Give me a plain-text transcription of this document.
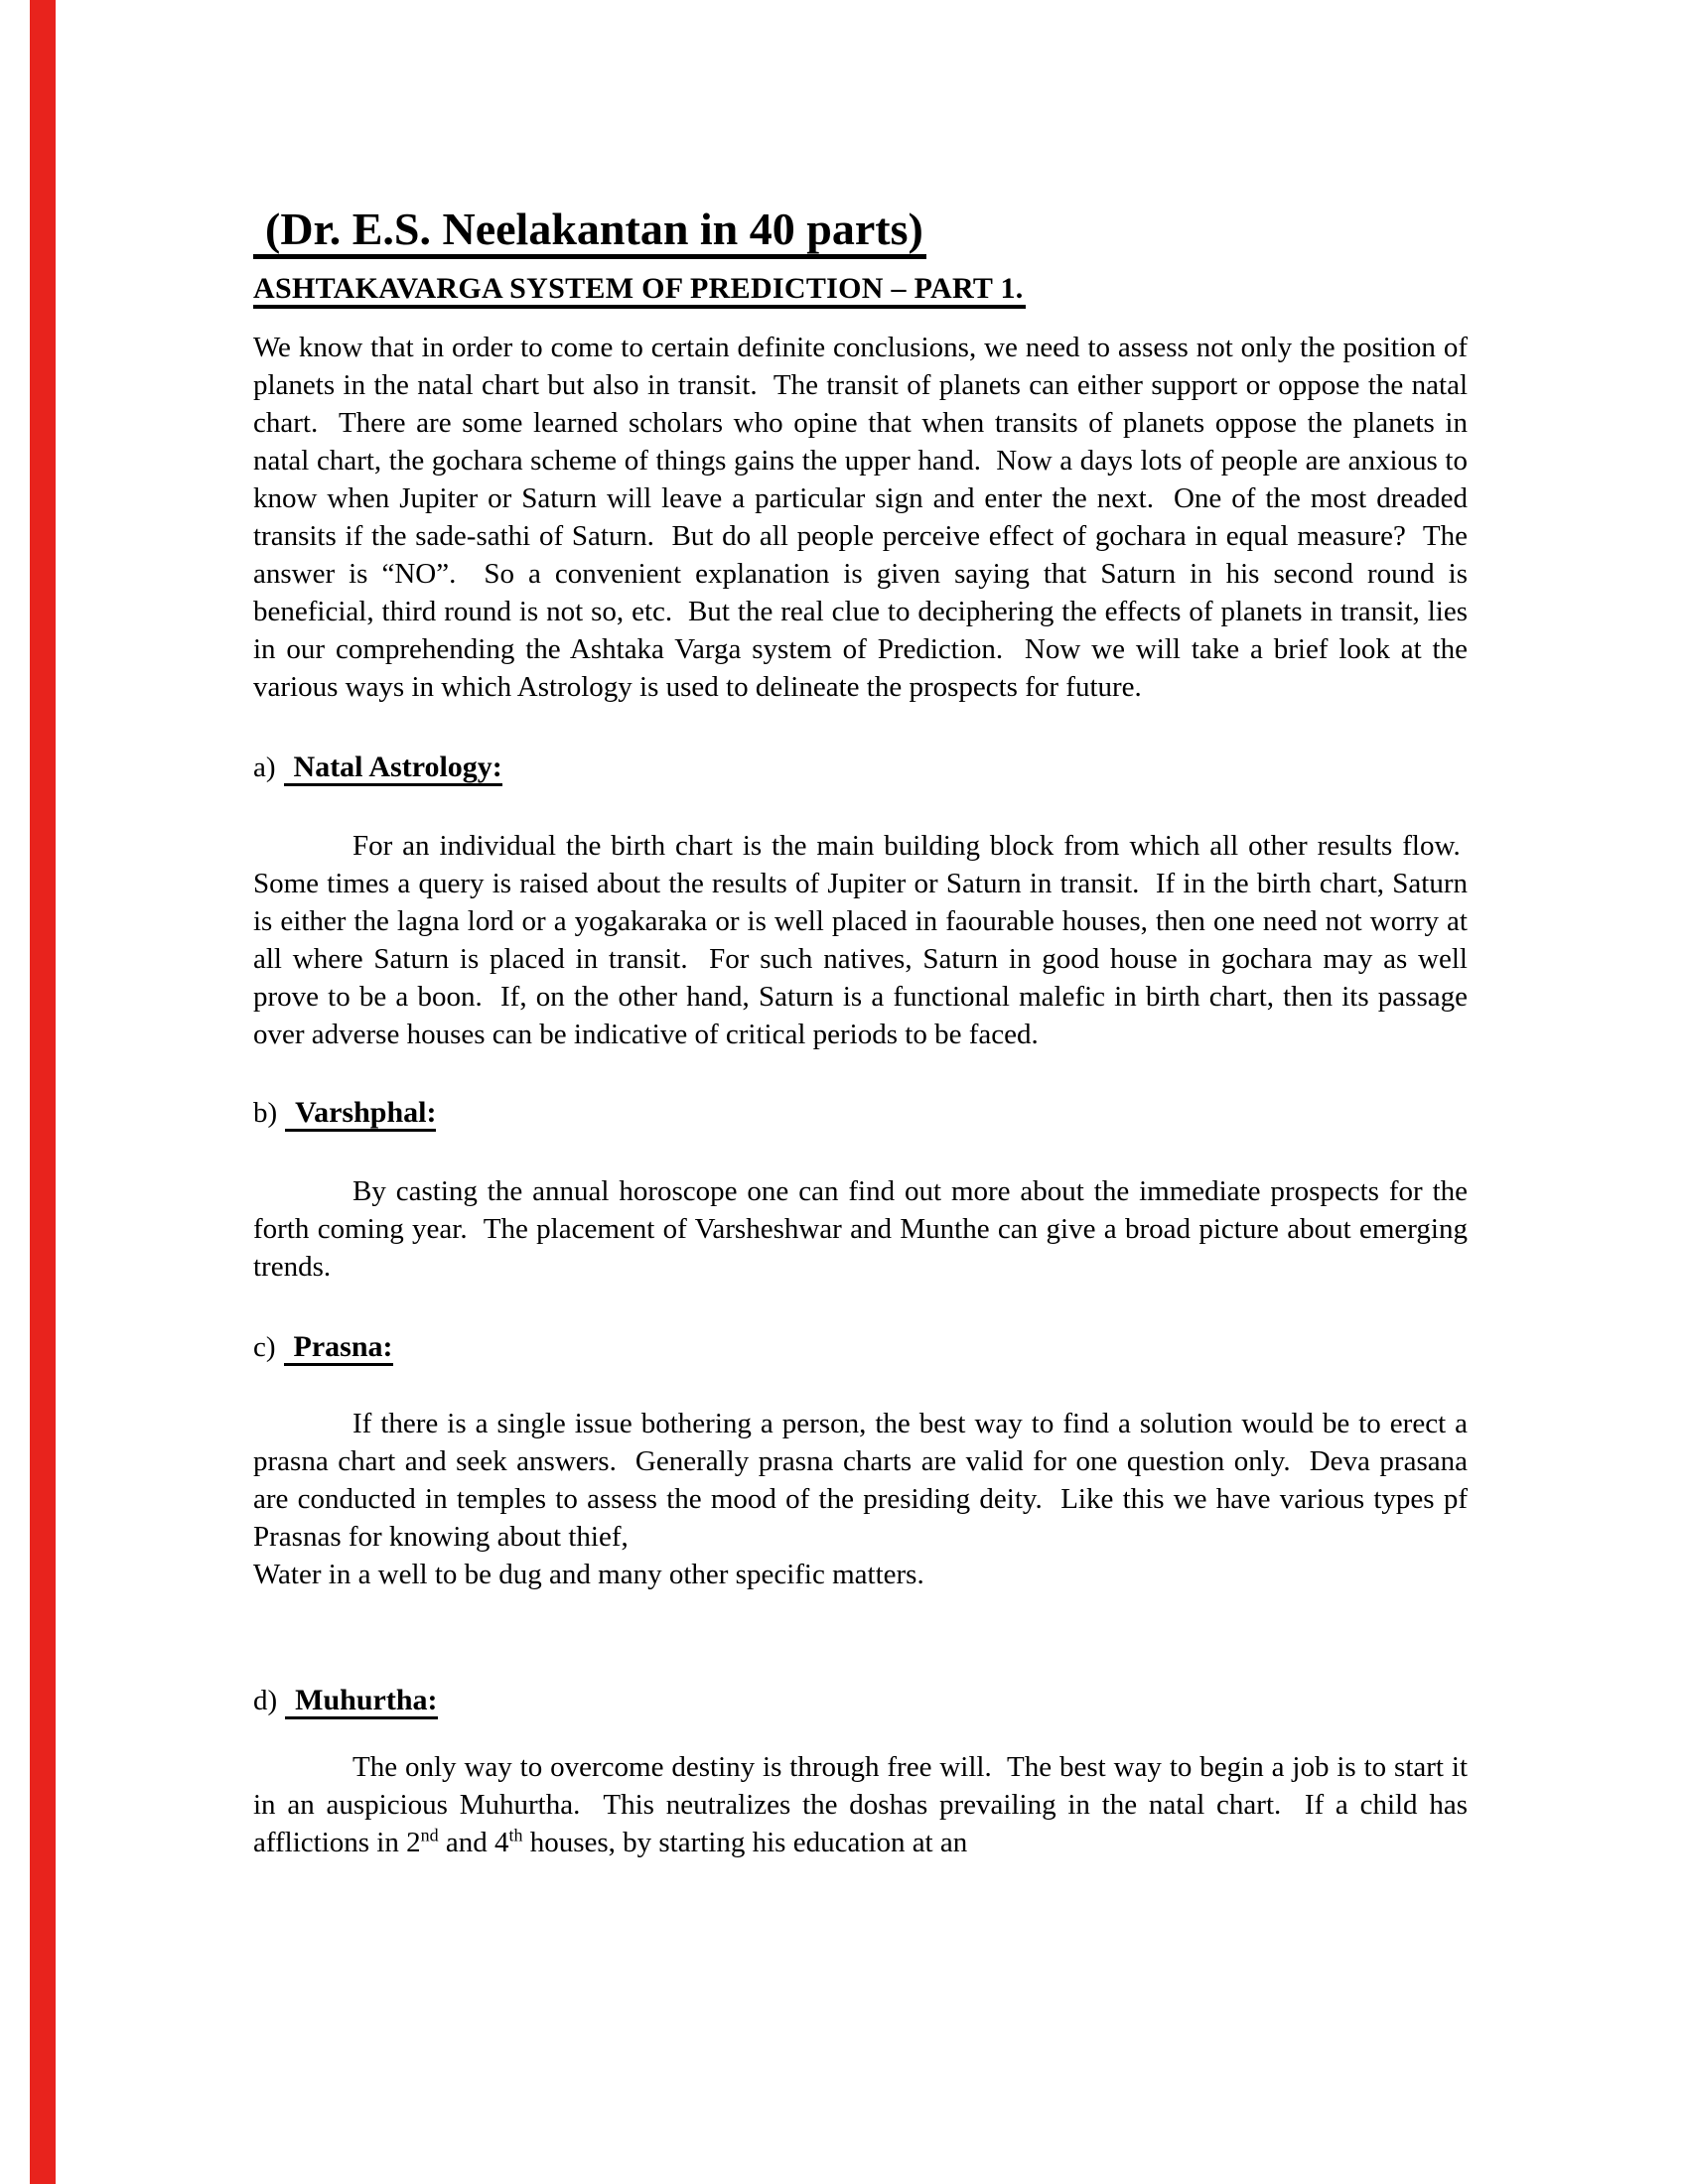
(Dr. E.S. Neelakantan in 40 parts)
ASHTAKAVARGA SYSTEM OF PREDICTION – PART 1.

We know that in order to come to certain definite conclusions, we need to assess not only the position of planets in the natal chart but also in transit.  The transit of planets can either support or oppose the natal chart.  There are some learned scholars who opine that when transits of planets oppose the planets in natal chart, the gochara scheme of things gains the upper hand.  Now a days lots of people are anxious to know when Jupiter or Saturn will leave a particular sign and enter the next.  One of the most dreaded transits if the sade-sathi of Saturn.  But do all people perceive effect of gochara in equal measure?  The answer is “NO”.  So a convenient explanation is given saying that Saturn in his second round is beneficial, third round is not so, etc.  But the real clue to deciphering the effects of planets in transit, lies in our comprehending the Ashtaka Varga system of Prediction.  Now we will take a brief look at the various ways in which Astrology is used to delineate the prospects for future.

a) Natal Astrology:

For an individual the birth chart is the main building block from which all other results flow.  Some times a query is raised about the results of Jupiter or Saturn in transit.  If in the birth chart, Saturn is either the lagna lord or a yogakaraka or is well placed in faourable houses, then one need not worry at all where Saturn is placed in transit.  For such natives, Saturn in good house in gochara may as well prove to be a boon.  If, on the other hand, Saturn is a functional malefic in birth chart, then its passage over adverse houses can be indicative of critical periods to be faced.

b) Varshphal:

By casting the annual horoscope one can find out more about the immediate prospects for the forth coming year.  The placement of Varsheshwar and Munthe can give a broad picture about emerging trends.

c) Prasna:

If there is a single issue bothering a person, the best way to find a solution would be to erect a prasna chart and seek answers.  Generally prasna charts are valid for one question only.  Deva prasana are conducted in temples to assess the mood of the presiding deity.  Like this we have various types pf Prasnas for knowing about thief,

Water in a well to be dug and many other specific matters.

d) Muhurtha:

The only way to overcome destiny is through free will.  The best way to begin a job is to start it in an auspicious Muhurtha.  This neutralizes the doshas prevailing in the natal chart.  If a child has afflictions in 2nd and 4th houses, by starting his education at an
